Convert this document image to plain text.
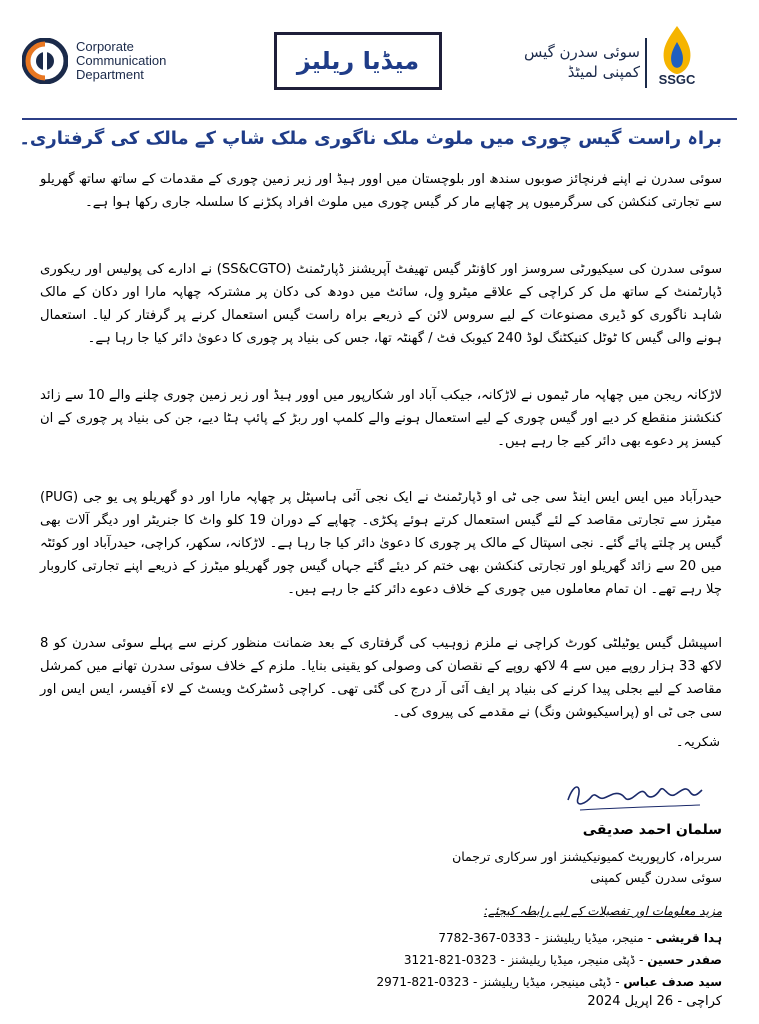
Corporate
Communication
Department	میڈیا ریلیز	سوئی سدرن گیس
کمپنی لمیٹڈ	SSGC
براہ راست گیس چوری میں ملوث ملک ناگوری ملک شاپ کے مالک کی گرفتاری۔
سوئی سدرن نے اپنے فرنچائز صوبوں سندھ اور بلوچستان میں اوور ہیڈ اور زیر زمین چوری کے مقدمات کے ساتھ ساتھ گھریلو سے تجارتی کنکشن کی سرگرمیوں پر چھاپے مار کر گیس چوری میں ملوث افراد پکڑنے کا سلسلہ جاری رکھا ہوا ہے۔
سوئی سدرن کی سیکیورٹی سروسز اور کاؤنٹر گیس تھیفٹ آپریشنز ڈپارٹمنٹ (SS&CGTO) نے ادارے کی پولیس اور ریکوری ڈپارٹمنٹ کے ساتھ مل کر کراچی کے علاقے میٹرو وِل، سائٹ میں دودھ کی دکان پر مشترکہ چھاپہ مارا اور دکان کے مالک شاہد ناگوری کو ڈیری مصنوعات کے لیے سروس لائن کے ذریعے براہ راست گیس استعمال کرنے پر گرفتار کر لیا۔ استعمال ہونے والی گیس کا ٹوٹل کنیکٹنگ لوڈ 240 کیوبک فٹ / گھنٹہ تھا، جس کی بنیاد پر چوری کا دعویٰ دائر کیا جا رہا ہے۔
لاڑکانہ ریجن میں چھاپہ مار ٹیموں نے لاڑکانہ، جیکب آباد اور شکارپور میں اوور ہیڈ اور زیر زمین چوری چلنے والے 10 سے زائد کنکشنز منقطع کر دیے اور گیس چوری کے لیے استعمال ہونے والے کلمپ اور ربڑ کے پائپ ہٹا دیے، جن کی بنیاد پر چوری کے ان کیسز پر دعوے بھی دائر کیے جا رہے ہیں۔
حیدرآباد میں ایس ایس اینڈ سی جی ٹی او ڈپارٹمنٹ نے ایک نجی آئی ہاسپٹل پر چھاپہ مارا اور دو گھریلو پی یو جی (PUG) میٹرز سے تجارتی مقاصد کے لئے گیس استعمال کرتے ہوئے پکڑی۔ چھاپے کے دوران 19 کلو واٹ کا جنریٹر اور دیگر آلات بھی گیس پر چلتے پائے گئے۔ نجی اسپتال کے مالک پر چوری کا دعویٰ دائر کیا جا رہا ہے۔ لاڑکانہ، سکھر، کراچی، حیدرآباد اور کوئٹہ میں 20 سے زائد گھریلو اور تجارتی کنکشن بھی ختم کر دیئے گئے جہاں گیس چور گھریلو میٹرز کے ذریعے اپنے تجارتی کاروبار چلا رہے تھے۔ ان تمام معاملوں میں چوری کے خلاف دعوے دائر کئے جا رہے ہیں۔
اسپیشل گیس یوٹیلٹی کورٹ کراچی نے ملزم زوہیب کی گرفتاری کے بعد ضمانت منظور کرنے سے پہلے سوئی سدرن کو 8 لاکھ 33 ہزار روپے میں سے 4 لاکھ روپے کے نقصان کی وصولی کو یقینی بنایا۔ ملزم کے خلاف سوئی سدرن تھانے میں کمرشل مقاصد کے لیے بجلی پیدا کرنے کی بنیاد پر ایف آئی آر درج کی گئی تھی۔ کراچی ڈسٹرکٹ ویسٹ کے لاء آفیسر، ایس ایس اور سی جی ٹی او (پراسیکیوشن ونگ) نے مقدمے کی پیروی کی۔
شکریہ۔
سلمان احمد صدیقی
سربراہ، کارپوریٹ کمیونیکیشنز اور سرکاری ترجمان
سوئی سدرن گیس کمپنی
مزید معلومات اور تفصیلات کے لیے رابطہ کیجئے:
ہدا قریشی - منیجر، میڈیا ریلیشنز - 0333-367-7782
صفدر حسین - ڈپٹی منیجر، میڈیا ریلیشنز - 0323-821-3121
سید صدف عباس - ڈپٹی مینیجر، میڈیا ریلیشنز - 0323-821-2971
کراچی - 26 اپریل 2024
